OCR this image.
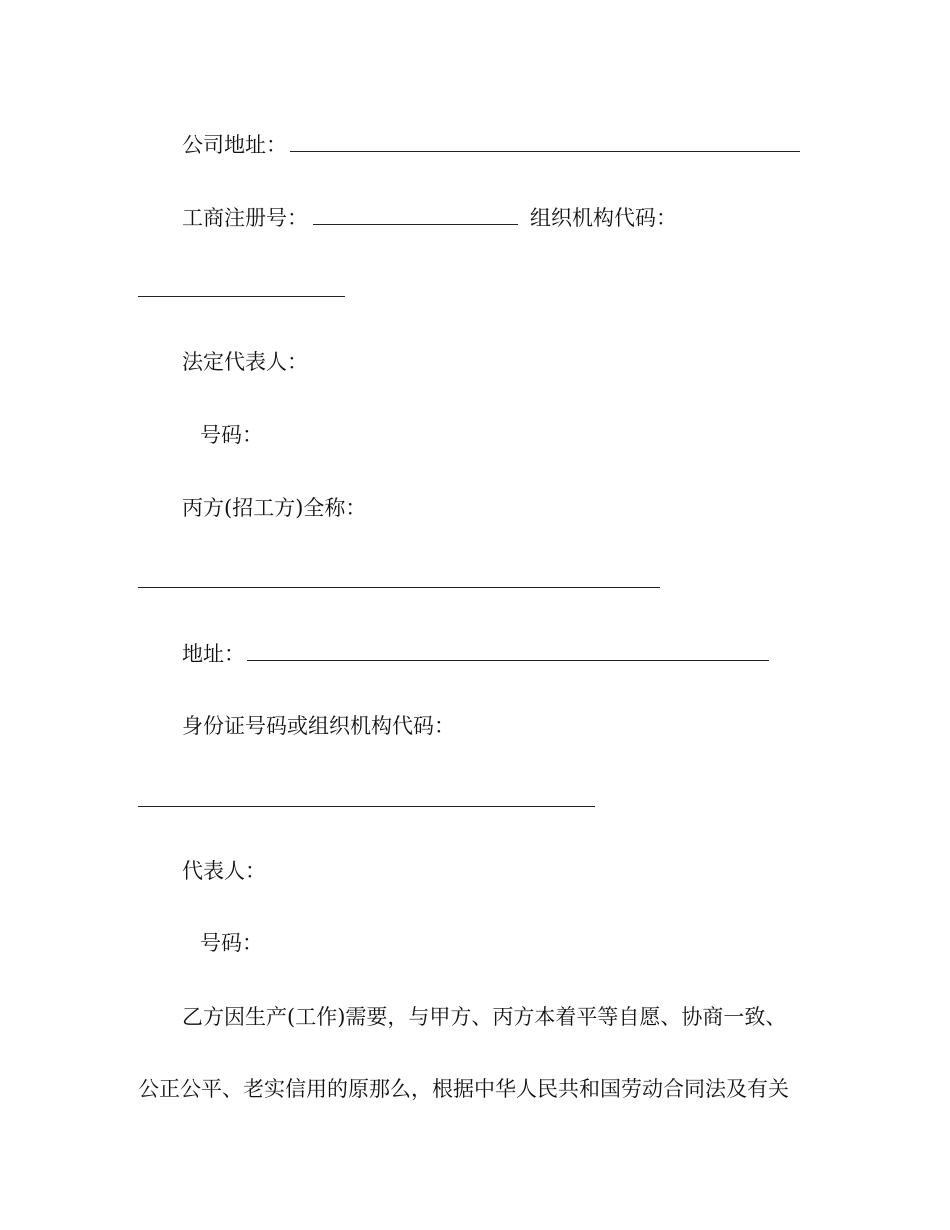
公司地址：
工商注册号：	组织机构代码：
法定代表人：
号码：
丙方(招工方)全称：
地址：
身份证号码或组织机构代码：
代表人：
号码：
乙方因生产(工作)需要，与甲方、丙方本着平等自愿、协商一致、
公正公平、老实信用的原那么，根据中华人民共和国劳动合同法及有关
